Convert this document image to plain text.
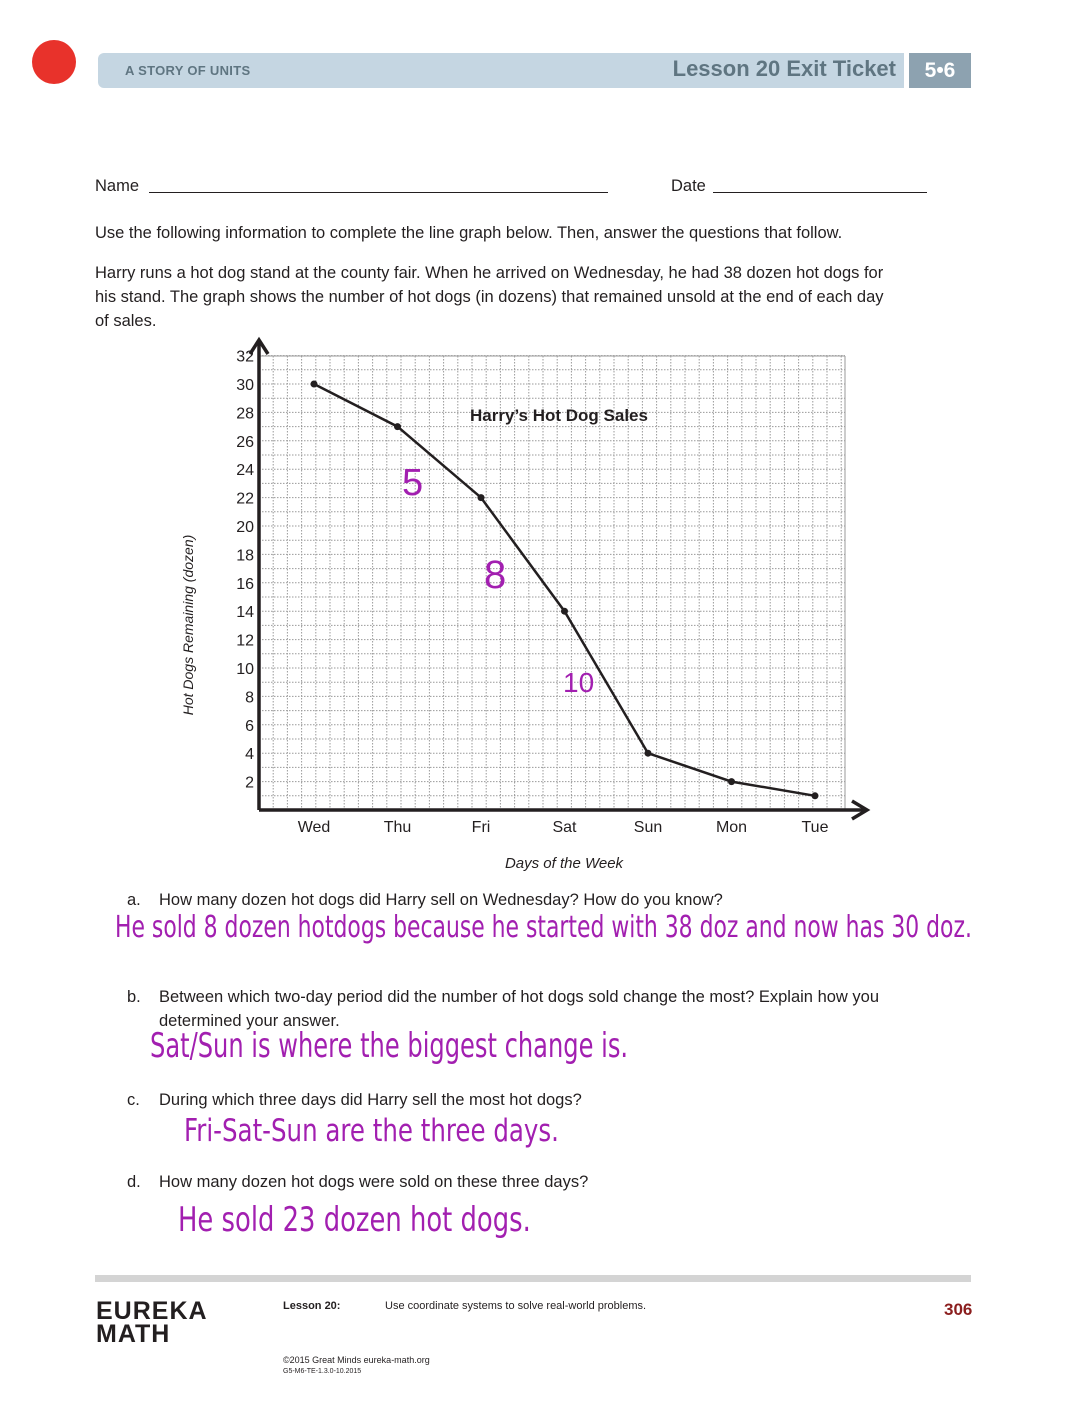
A STORY OF UNITS	Lesson 20 Exit Ticket	5•6
Name	Date
Use the following information to complete the line graph below. Then, answer the questions that follow.
Harry runs a hot dog stand at the county fair. When he arrived on Wednesday, he had 38 dozen hot dogs for
his stand. The graph shows the number of hot dogs (in dozens) that remained unsold at the end of each day
of sales.
2
4
6
8
10
12
14
16
18
20
22
24
26
28
30
32
Wed	Thu	Fri	Sat	Sun	Mon	Tue
Harry’s Hot Dog Sales
Days of the Week
Hot Dogs Remaining (dozen)
5
8
10
a. How many dozen hot dogs did Harry sell on Wednesday? How do you know?
He sold 8 dozen hotdogs because he started with 38 doz and now has 30 doz.
b. Between which two-day period did the number of hot dogs sold change the most? Explain how you
determined your answer.
Sat/Sun is where the biggest change is.
c. During which three days did Harry sell the most hot dogs?
Fri-Sat-Sun are the three days.
d. How many dozen hot dogs were sold on these three days?
He sold 23 dozen hot dogs.
EUREKA
MATH
Lesson 20:	Use coordinate systems to solve real-world problems.	306
©2015 Great Minds eureka-math.org
G5-M6-TE-1.3.0-10.2015
